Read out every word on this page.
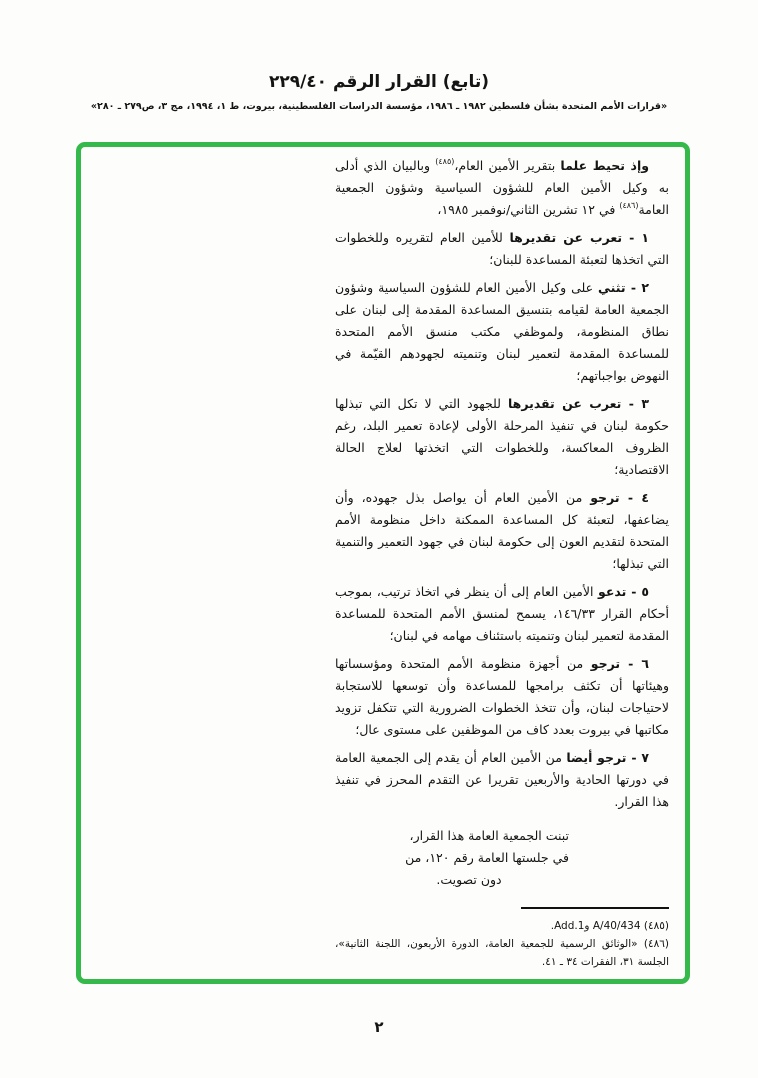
(تابع) القرار الرقم ٢٢٩/٤٠
«قرارات الأمم المتحدة بشأن فلسطين ١٩٨٢ ـ ١٩٨٦، مؤسسة الدراسات الفلسطينية، بيروت، ط ١، ١٩٩٤، مج ٣، ص٢٧٩ ـ ٢٨٠»

وإذ تحيط علما بتقرير الأمين العام،$^{(٤٨٥)}$ وبالبيان الذي أدلى به وكيل الأمين العام للشؤون السياسية وشؤون الجمعية العامة$^{(٤٨٦)}$ في ١٢ تشرين الثاني/نوفمبر ١٩٨٥،

١ - تعرب عن تقديرها للأمين العام لتقريره وللخطوات التي اتخذها لتعبئة المساعدة للبنان؛

٢ - تثني على وكيل الأمين العام للشؤون السياسية وشؤون الجمعية العامة لقيامه بتنسيق المساعدة المقدمة إلى لبنان على نطاق المنظومة، ولموظفي مكتب منسق الأمم المتحدة للمساعدة المقدمة لتعمير لبنان وتنميته لجهودهم القيّمة في النهوض بواجباتهم؛

٣ - تعرب عن تقديرها للجهود التي لا تكل التي تبذلها حكومة لبنان في تنفيذ المرحلة الأولى لإعادة تعمير البلد، رغم الظروف المعاكسة، وللخطوات التي اتخذتها لعلاج الحالة الاقتصادية؛

٤ - ترجو من الأمين العام أن يواصل بذل جهوده، وأن يضاعفها، لتعبئة كل المساعدة الممكنة داخل منظومة الأمم المتحدة لتقديم العون إلى حكومة لبنان في جهود التعمير والتنمية التي تبذلها؛

٥ - تدعو الأمين العام إلى أن ينظر في اتخاذ ترتيب، بموجب أحكام القرار ١٤٦/٣٣، يسمح لمنسق الأمم المتحدة للمساعدة المقدمة لتعمير لبنان وتنميته باستئناف مهامه في لبنان؛

٦ - ترجو من أجهزة منظومة الأمم المتحدة ومؤسساتها وهيئاتها أن تكثف برامجها للمساعدة وأن توسعها للاستجابة لاحتياجات لبنان، وأن تتخذ الخطوات الضرورية التي تتكفل تزويد مكاتبها في بيروت بعدد كاف من الموظفين على مستوى عال؛

٧ - ترجو أيضا من الأمين العام أن يقدم إلى الجمعية العامة في دورتها الحادية والأربعين تقريرا عن التقدم المحرز في تنفيذ هذا القرار.

تبنت الجمعية العامة هذا القرار،
في جلستها العامة رقم ١٢٠، من
دون تصويت.

(٤٨٥) A/40/434 وAdd.1.

(٤٨٦) «الوثائق الرسمية للجمعية العامة، الدورة الأربعون، اللجنة الثانية»، الجلسة ٣١، الفقرات ٣٤ ـ ٤١.

٢
